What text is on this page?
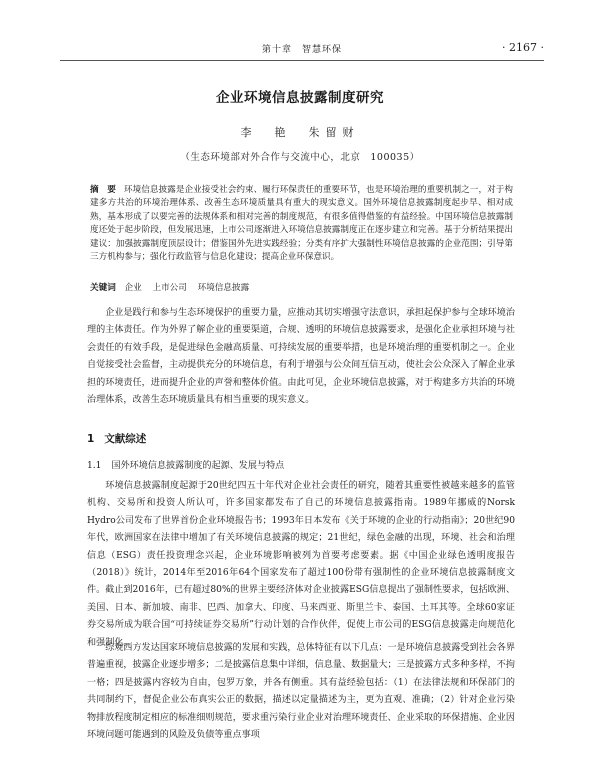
第十章　智慧环保	· 2167 ·
企业环境信息披露制度研究
李　艳　朱留财
（生态环境部对外合作与交流中心，北京　100035）
摘　要 环境信息披露是企业接受社会约束、履行环保责任的重要环节，也是环境治理的重要机制之一，对于构建多方共治的环境治理体系、改善生态环境质量具有重大的现实意义。国外环境信息披露制度起步早、相对成熟，基本形成了以要完善的法规体系和相对完善的制度规范，有很多值得借鉴的有益经验。中国环境信息披露制度还处于起步阶段，但发展迅速，上市公司逐渐进入环境信息披露制度正在逐步建立和完善。基于分析结果提出建议：加强披露制度顶层设计；借鉴国外先进实践经验；分类有序扩大强制性环境信息披露的企业范围；引导第三方机构参与；强化行政监管与信息化建设；提高企业环保意识。
关键词 企业 上市公司 环境信息披露

企业是践行和参与生态环境保护的重要力量，应推动其切实增强守法意识，承担起保护参与全球环境治理的主体责任。作为外界了解企业的重要渠道，合规、透明的环境信息披露要求，是强化企业承担环境与社会责任的有效手段，是促进绿色金融高质量、可持续发展的重要举措，也是环境治理的重要机制之一。企业自觉接受社会监督，主动提供充分的环境信息，有利于增强与公众间互信互动，使社会公众深入了解企业承担的环境责任，进而提升企业的声誉和整体价值。由此可见，企业环境信息披露，对于构建多方共治的环境治理体系，改善生态环境质量具有相当重要的现实意义。

1 文献综述
1.1 国外环境信息披露制度的起源、发展与特点

环境信息披露制度起源于20世纪四五十年代对企业社会责任的研究，随着其重要性被越来越多的监管机构、交易所和投资人所认可，许多国家都发布了自己的环境信息披露指南。1989年挪威的Norsk Hydro公司发布了世界首份企业环境报告书；1993年日本发布《关于环境的企业的行动指南》；20世纪90年代，欧洲国家在法律中增加了有关环境信息披露的规定；21世纪，绿色金融的出现，环境、社会和治理信息（ESG）责任投资理念兴起，企业环境影响被列为首要考虑要素。据《中国企业绿色透明度报告（2018）》统计，2014年至2016年64个国家发布了超过100份带有强制性的企业环境信息披露制度文件。截止到2016年，已有超过80%的世界主要经济体对企业披露ESG信息提出了强制性要求，包括欧洲、美国、日本、新加坡、南非、巴西、加拿大、印度、马来西亚、斯里兰卡、泰国、土耳其等。全球60家证券交易所成为联合国“可持续证券交易所”行动计划的合作伙伴，促使上市公司的ESG信息披露走向规范化和强制化。

综观西方发达国家环境信息披露的发展和实践，总体特征有以下几点：一是环境信息披露受到社会各界普遍重视，披露企业逐步增多；二是披露信息集中详细，信息量、数据量大；三是披露方式多种多样，不拘一格；四是披露内容较为自由，包罗万象，并各有侧重。其有益经验包括：（1）在法律法规和环保部门的共同制约下，督促企业公布真实公正的数据，描述以定量描述为主，更为直观、准确；（2）针对企业污染物排放程度制定相应的标准细则规范，要求重污染行业企业对治理环境责任、企业采取的环保措施、企业因环境问题可能遇到的风险及负债等重点事项
